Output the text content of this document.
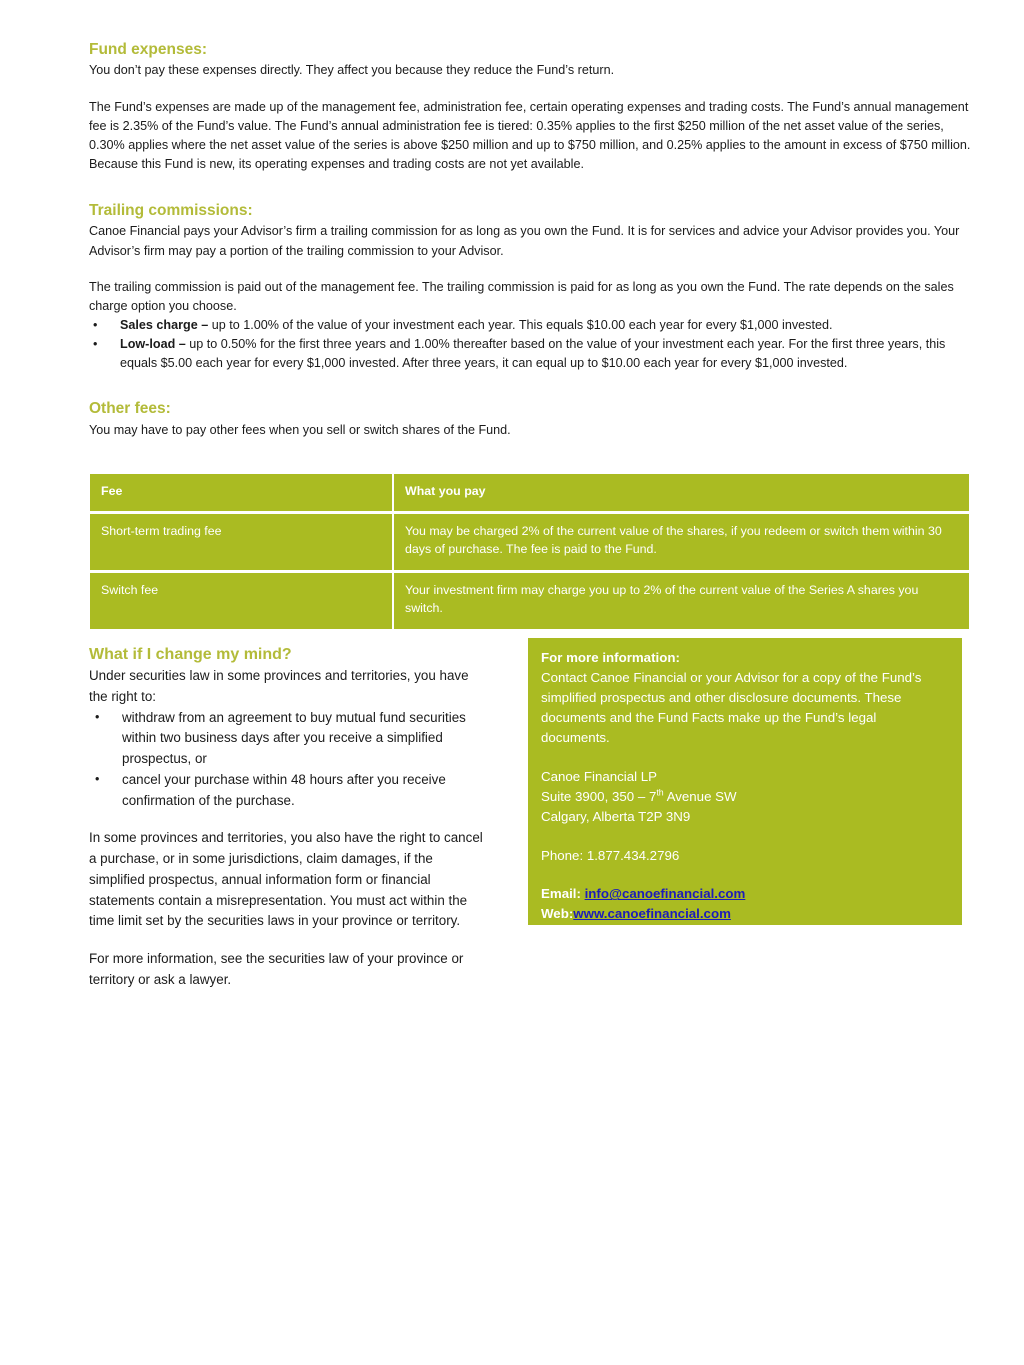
Fund expenses:

You don’t pay these expenses directly. They affect you because they reduce the Fund’s return.

The Fund’s expenses are made up of the management fee, administration fee, certain operating expenses and trading costs. The Fund’s annual management fee is 2.35% of the Fund’s value. The Fund’s annual administration fee is tiered: 0.35% applies to the first $250 million of the net asset value of the series, 0.30% applies where the net asset value of the series is above $250 million and up to $750 million, and 0.25% applies to the amount in excess of $750 million. Because this Fund is new, its operating expenses and trading costs are not yet available.

Trailing commissions:

Canoe Financial pays your Advisor’s firm a trailing commission for as long as you own the Fund. It is for services and advice your Advisor provides you. Your Advisor’s firm may pay a portion of the trailing commission to your Advisor.

The trailing commission is paid out of the management fee. The trailing commission is paid for as long as you own the Fund. The rate depends on the sales charge option you choose.

• Sales charge – up to 1.00% of the value of your investment each year. This equals $10.00 each year for every $1,000 invested.
• Low-load – up to 0.50% for the first three years and 1.00% thereafter based on the value of your investment each year. For the first three years, this equals $5.00 each year for every $1,000 invested. After three years, it can equal up to $10.00 each year for every $1,000 invested.
Other fees:

You may have to pay other fees when you sell or switch shares of the Fund.

Fee	What you pay
Short-term trading fee	You may be charged 2% of the current value of the shares, if you redeem or switch them within 30 days of purchase. The fee is paid to the Fund.
Switch fee	Your investment firm may charge you up to 2% of the current value of the Series A shares you switch.
What if I change my mind?

Under securities law in some provinces and territories, you have the right to:

• withdraw from an agreement to buy mutual fund securities within two business days after you receive a simplified prospectus, or
• cancel your purchase within 48 hours after you receive confirmation of the purchase.

In some provinces and territories, you also have the right to cancel a purchase, or in some jurisdictions, claim damages, if the simplified prospectus, annual information form or financial statements contain a misrepresentation. You must act within the time limit set by the securities laws in your province or territory.

For more information, see the securities law of your province or territory or ask a lawyer.

For more information:

Contact Canoe Financial or your Advisor for a copy of the Fund’s simplified prospectus and other disclosure documents. These documents and the Fund Facts make up the Fund’s legal documents.

Canoe Financial LP

Suite 3900, 350 – 7th Avenue SW

Calgary, Alberta T2P 3N9

Phone: 1.877.434.2796

Email: info@canoefinancial.com

Web:www.canoefinancial.com
